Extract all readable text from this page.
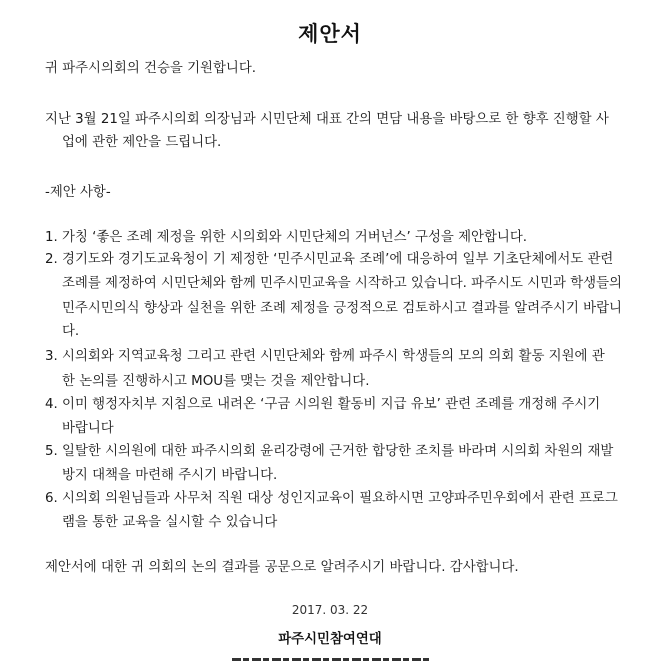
제안서
귀 파주시의회의 건승을 기원합니다.
지난 3월 21일 파주시의회 의장님과 시민단체 대표 간의 면담 내용을 바탕으로 한 향후 진행할 사
업에 관한 제안을 드립니다.
-제안 사항-
1. 가칭 ‘좋은 조례 제정을 위한 시의회와 시민단체의 거버넌스’ 구성을 제안합니다.
2. 경기도와 경기도교육청이 기 제정한 ‘민주시민교육 조례’에 대응하여 일부 기초단체에서도 관련
조례를 제정하여 시민단체와 함께 민주시민교육을 시작하고 있습니다. 파주시도 시민과 학생들의
민주시민의식 향상과 실천을 위한 조례 제정을 긍정적으로 검토하시고 결과를 알려주시기 바랍니
다.
3. 시의회와 지역교육청 그리고 관련 시민단체와 함께 파주시 학생들의 모의 의회 활동 지원에 관
한 논의를 진행하시고 MOU를 맺는 것을 제안합니다.
4. 이미 행정자치부 지침으로 내려온 ‘구금 시의원 활동비 지급 유보’ 관련 조례를 개정해 주시기
바랍니다
5. 일탈한 시의원에 대한 파주시의회 윤리강령에 근거한 합당한 조치를 바라며 시의회 차원의 재발
방지 대책을 마련해 주시기 바랍니다.
6. 시의회 의원님들과 사무처 직원 대상 성인지교육이 필요하시면 고양파주민우회에서 관련 프로그
램을 통한 교육을 실시할 수 있습니다
제안서에 대한 귀 의회의 논의 결과를 공문으로 알려주시기 바랍니다. 감사합니다.
2017. 03. 22
파주시민참여연대
